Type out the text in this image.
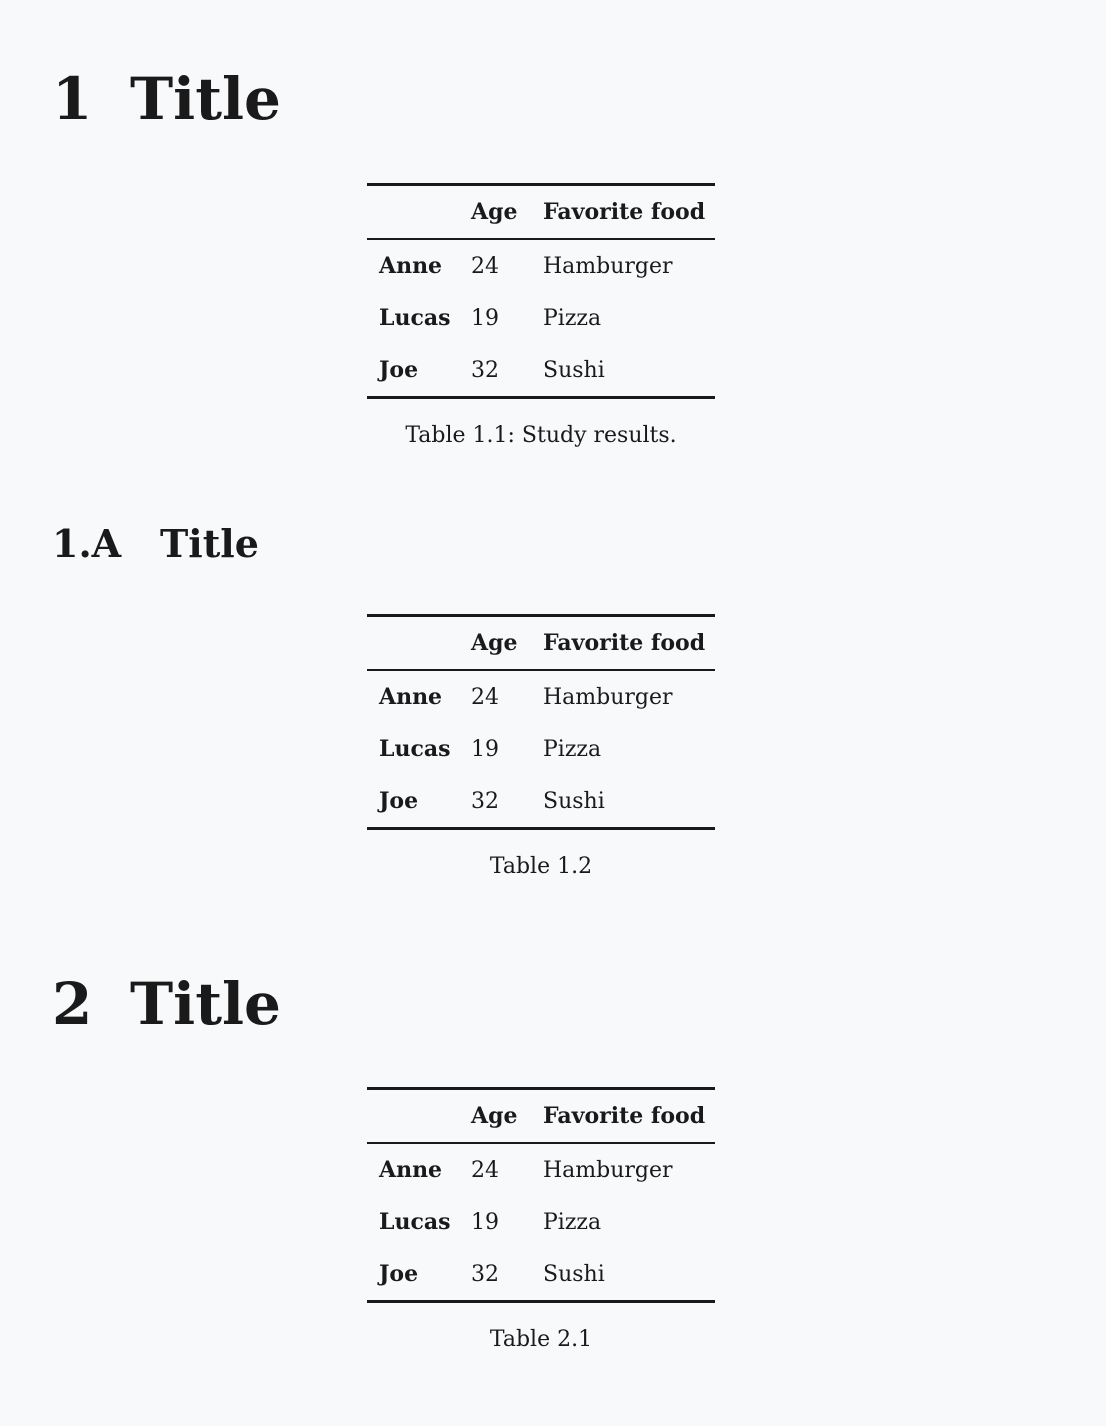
1 Title
	Age	Favorite food
Anne	24	Hamburger
Lucas	19	Pizza
Joe	32	Sushi
Table 1.1: Study results.
1.A	Title
	Age	Favorite food
Anne	24	Hamburger
Lucas	19	Pizza
Joe	32	Sushi
Table 1.2
2 Title
	Age	Favorite food
Anne	24	Hamburger
Lucas	19	Pizza
Joe	32	Sushi
Table 2.1
